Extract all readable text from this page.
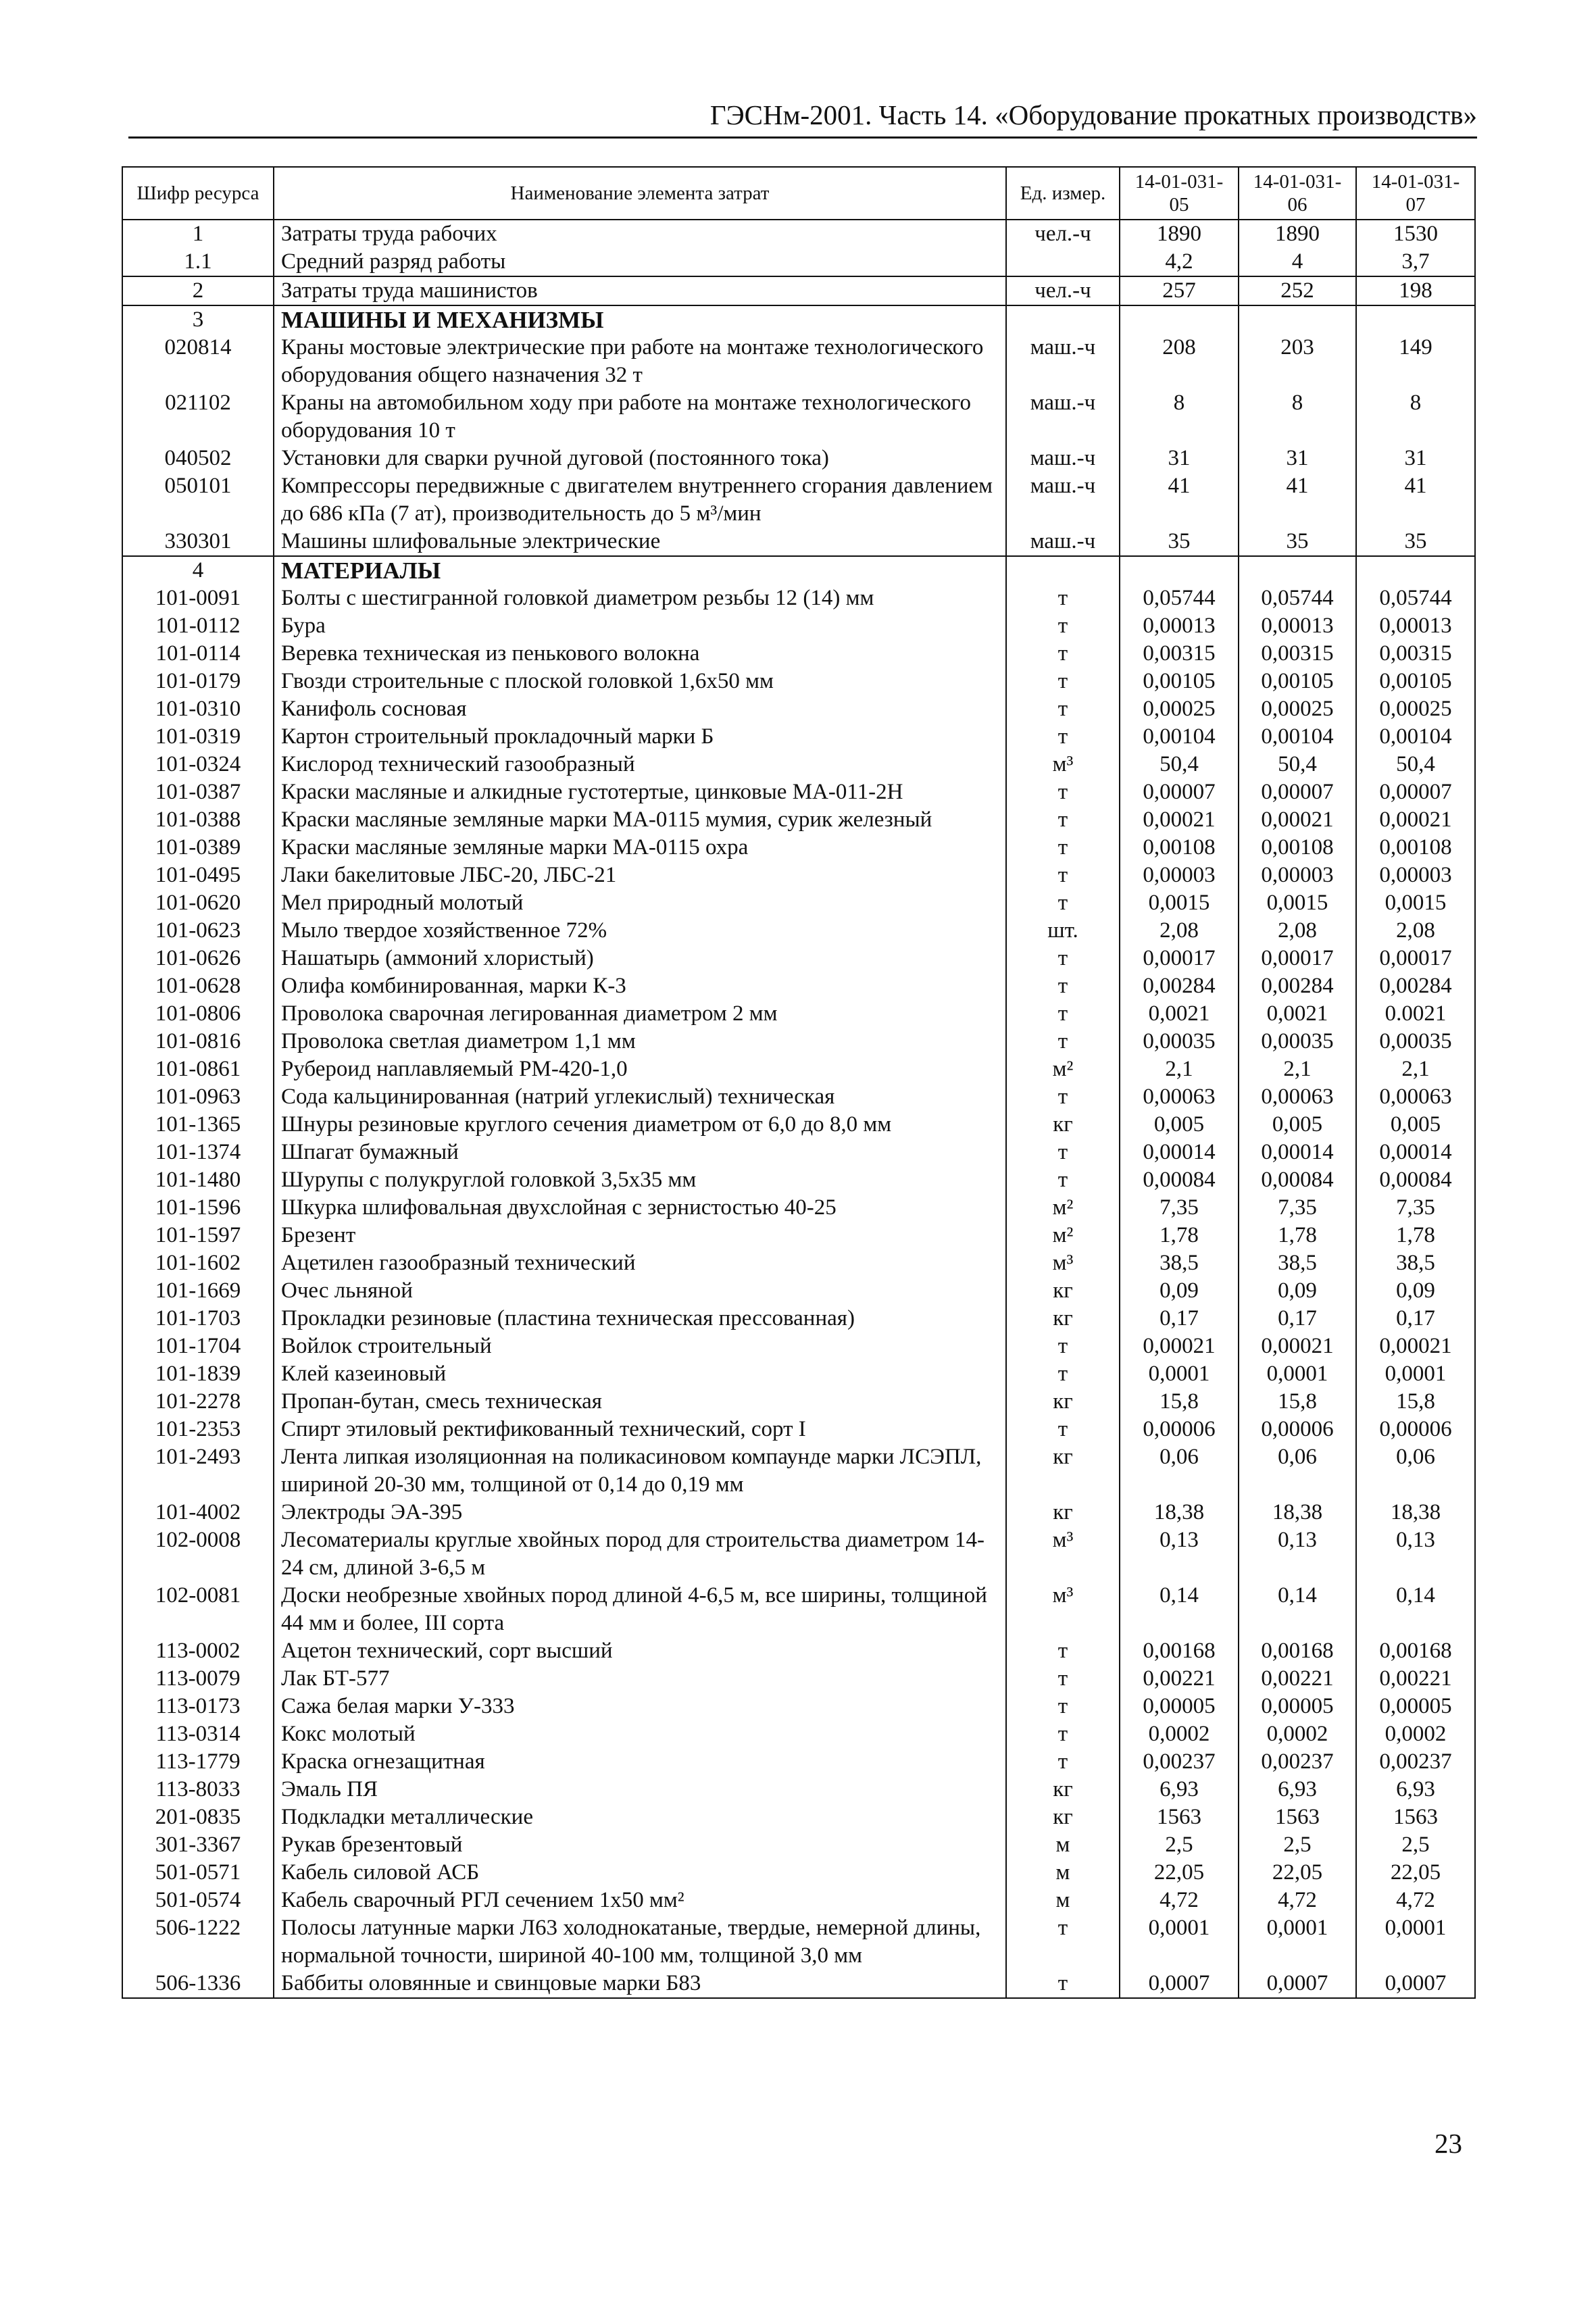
ГЭСНм-2001. Часть 14. «Оборудование прокатных производств»
Шифр ресурса	Наименование элемента затрат	Ед. измер.	14-01-031-05	14-01-031-06	14-01-031-07
1	Затраты труда рабочих	чел.-ч	1890	1890	1530
1.1	Средний разряд работы		4,2	4	3,7
2	Затраты труда машинистов	чел.-ч	257	252	198
3	МАШИНЫ И МЕХАНИЗМЫ				
020814	Краны мостовые электрические при работе на монтаже технологического оборудования общего назначения 32 т	маш.-ч	208	203	149
021102	Краны на автомобильном ходу при работе на монтаже технологического оборудования 10 т	маш.-ч	8	8	8
040502	Установки для сварки ручной дуговой (постоянного тока)	маш.-ч	31	31	31
050101	Компрессоры передвижные с двигателем внутреннего сгорания давлением до 686 кПа (7 ат), производительность до 5 м³/мин	маш.-ч	41	41	41
330301	Машины шлифовальные электрические	маш.-ч	35	35	35
4	МАТЕРИАЛЫ				
101-0091	Болты с шестигранной головкой диаметром резьбы 12 (14) мм	т	0,05744	0,05744	0,05744
101-0112	Бура	т	0,00013	0,00013	0,00013
101-0114	Веревка техническая из пенькового волокна	т	0,00315	0,00315	0,00315
101-0179	Гвозди строительные с плоской головкой 1,6х50 мм	т	0,00105	0,00105	0,00105
101-0310	Канифоль сосновая	т	0,00025	0,00025	0,00025
101-0319	Картон строительный прокладочный марки Б	т	0,00104	0,00104	0,00104
101-0324	Кислород технический газообразный	м³	50,4	50,4	50,4
101-0387	Краски масляные и алкидные густотертые, цинковые МА-011-2Н	т	0,00007	0,00007	0,00007
101-0388	Краски масляные земляные марки МА-0115 мумия, сурик железный	т	0,00021	0,00021	0,00021
101-0389	Краски масляные земляные марки МА-0115 охра	т	0,00108	0,00108	0,00108
101-0495	Лаки бакелитовые ЛБС-20, ЛБС-21	т	0,00003	0,00003	0,00003
101-0620	Мел природный молотый	т	0,0015	0,0015	0,0015
101-0623	Мыло твердое хозяйственное 72%	шт.	2,08	2,08	2,08
101-0626	Нашатырь (аммоний хлористый)	т	0,00017	0,00017	0,00017
101-0628	Олифа комбинированная, марки К-3	т	0,00284	0,00284	0,00284
101-0806	Проволока сварочная легированная диаметром 2 мм	т	0,0021	0,0021	0.0021
101-0816	Проволока светлая диаметром 1,1 мм	т	0,00035	0,00035	0,00035
101-0861	Рубероид наплавляемый РМ-420-1,0	м²	2,1	2,1	2,1
101-0963	Сода кальцинированная (натрий углекислый) техническая	т	0,00063	0,00063	0,00063
101-1365	Шнуры резиновые круглого сечения диаметром от 6,0 до 8,0 мм	кг	0,005	0,005	0,005
101-1374	Шпагат бумажный	т	0,00014	0,00014	0,00014
101-1480	Шурупы с полукруглой головкой 3,5х35 мм	т	0,00084	0,00084	0,00084
101-1596	Шкурка шлифовальная двухслойная с зернистостью 40-25	м²	7,35	7,35	7,35
101-1597	Брезент	м²	1,78	1,78	1,78
101-1602	Ацетилен газообразный технический	м³	38,5	38,5	38,5
101-1669	Очес льняной	кг	0,09	0,09	0,09
101-1703	Прокладки резиновые (пластина техническая прессованная)	кг	0,17	0,17	0,17
101-1704	Войлок строительный	т	0,00021	0,00021	0,00021
101-1839	Клей казеиновый	т	0,0001	0,0001	0,0001
101-2278	Пропан-бутан, смесь техническая	кг	15,8	15,8	15,8
101-2353	Спирт этиловый ректификованный технический, сорт I	т	0,00006	0,00006	0,00006
101-2493	Лента липкая изоляционная на поликасиновом компаунде марки ЛСЭПЛ, шириной 20-30 мм, толщиной от 0,14 до 0,19 мм	кг	0,06	0,06	0,06
101-4002	Электроды ЭА-395	кг	18,38	18,38	18,38
102-0008	Лесоматериалы круглые хвойных пород для строительства диаметром 14-24 см, длиной 3-6,5 м	м³	0,13	0,13	0,13
102-0081	Доски необрезные хвойных пород длиной 4-6,5 м, все ширины, толщиной 44 мм и более, III сорта	м³	0,14	0,14	0,14
113-0002	Ацетон технический, сорт высший	т	0,00168	0,00168	0,00168
113-0079	Лак БТ-577	т	0,00221	0,00221	0,00221
113-0173	Сажа белая марки У-333	т	0,00005	0,00005	0,00005
113-0314	Кокс молотый	т	0,0002	0,0002	0,0002
113-1779	Краска огнезащитная	т	0,00237	0,00237	0,00237
113-8033	Эмаль ПЯ	кг	6,93	6,93	6,93
201-0835	Подкладки металлические	кг	1563	1563	1563
301-3367	Рукав брезентовый	м	2,5	2,5	2,5
501-0571	Кабель силовой АСБ	м	22,05	22,05	22,05
501-0574	Кабель сварочный РГЛ сечением 1х50 мм²	м	4,72	4,72	4,72
506-1222	Полосы латунные марки Л63 холоднокатаные, твердые, немерной длины, нормальной точности, шириной 40-100 мм, толщиной 3,0 мм	т	0,0001	0,0001	0,0001
506-1336	Баббиты оловянные и свинцовые марки Б83	т	0,0007	0,0007	0,0007
23
